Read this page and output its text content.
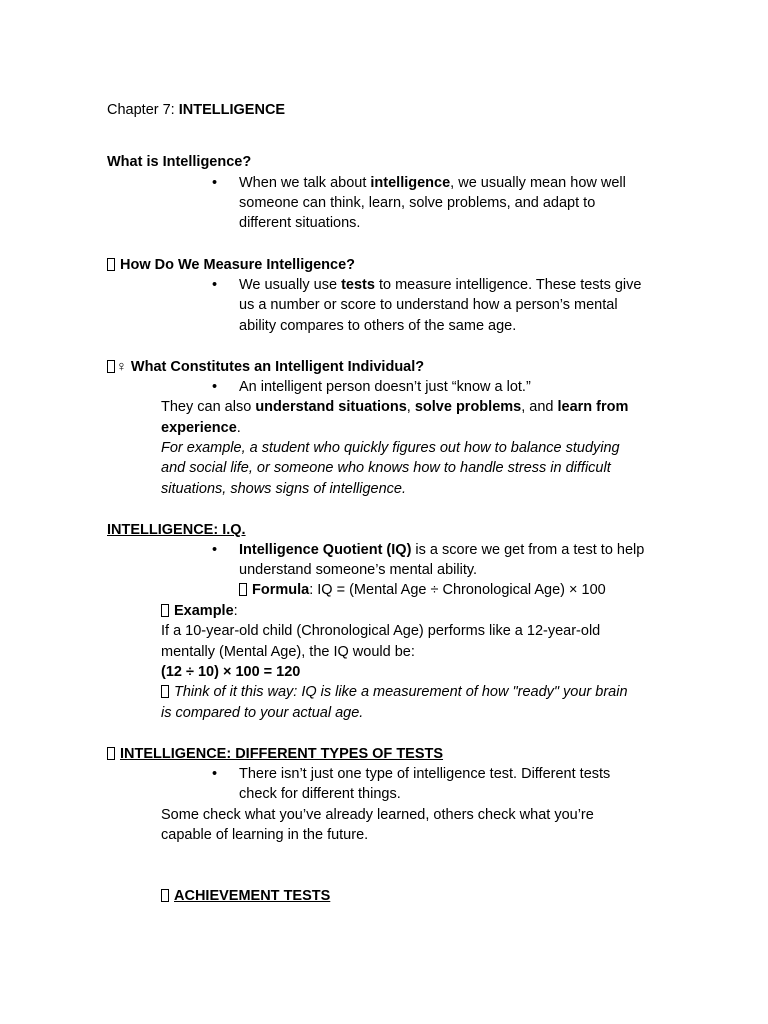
Chapter 7: INTELLIGENCE
What is Intelligence?
•	When we talk about intelligence, we usually mean how well
someone can think, learn, solve problems, and adapt to
different situations.
How Do We Measure Intelligence?
•	We usually use tests to measure intelligence. These tests give
us a number or score to understand how a person’s mental
ability compares to others of the same age.
♀ What Constitutes an Intelligent Individual?
•	An intelligent person doesn’t just “know a lot.”
They can also understand situations, solve problems, and learn from
experience.
For example, a student who quickly figures out how to balance studying
and social life, or someone who knows how to handle stress in difficult
situations, shows signs of intelligence.
INTELLIGENCE: I.Q.
•	Intelligence Quotient (IQ) is a score we get from a test to help
understand someone’s mental ability.
Formula: IQ = (Mental Age ÷ Chronological Age) × 100
Example:
If a 10-year-old child (Chronological Age) performs like a 12-year-old
mentally (Mental Age), the IQ would be:
(12 ÷ 10) × 100 = 120
Think of it this way: IQ is like a measurement of how "ready" your brain
is compared to your actual age.
INTELLIGENCE: DIFFERENT TYPES OF TESTS
•	There isn’t just one type of intelligence test. Different tests
check for different things.
Some check what you’ve already learned, others check what you’re
capable of learning in the future.
ACHIEVEMENT TESTS
